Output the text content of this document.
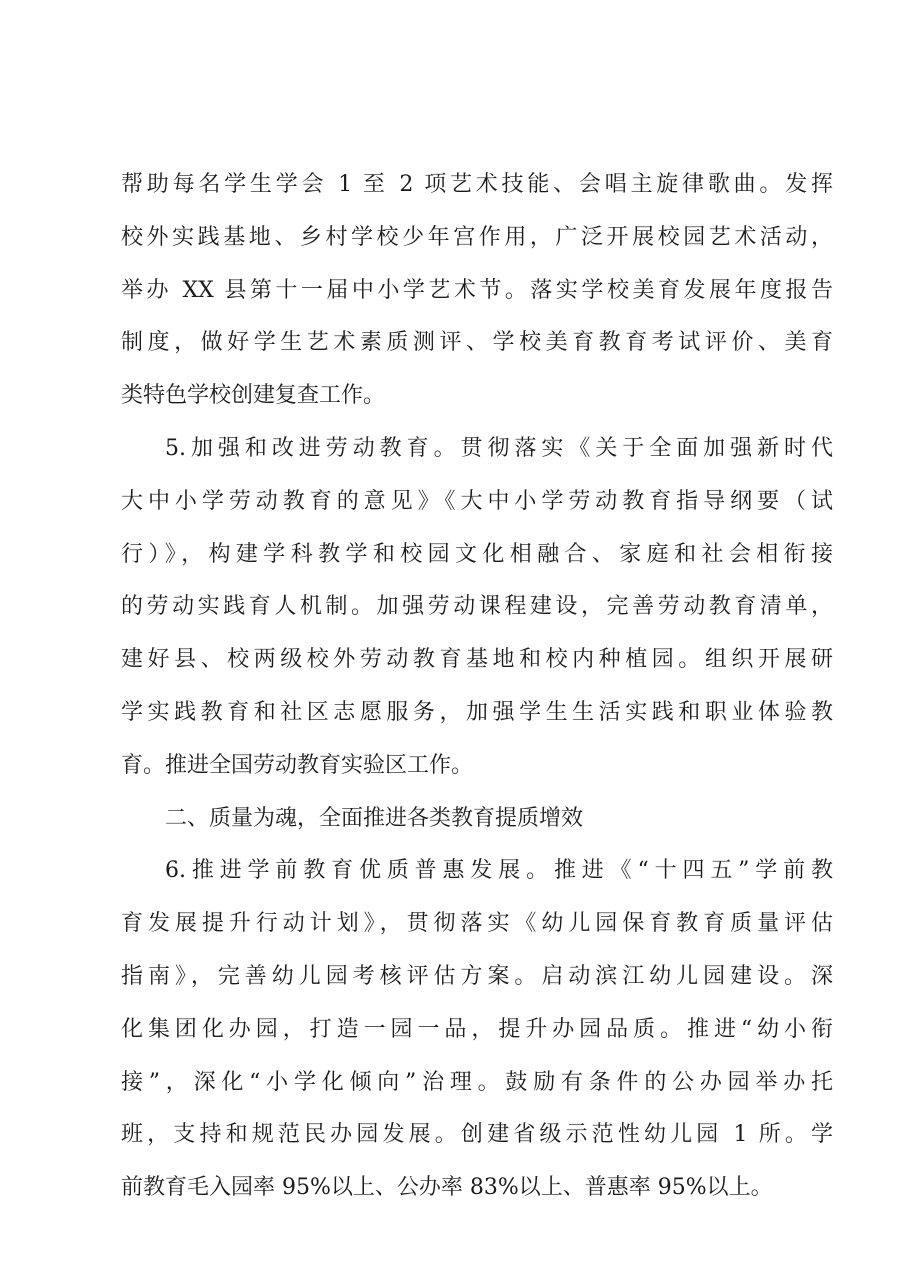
帮助每名学生学会 1 至 2 项艺术技能、会唱主旋律歌曲。发挥
校外实践基地、乡村学校少年宫作用，广泛开展校园艺术活动，
举办 XX 县第十一届中小学艺术节。落实学校美育发展年度报告
制度，做好学生艺术素质测评、学校美育教育考试评价、美育
类特色学校创建复查工作。
5.加强和改进劳动教育。贯彻落实《关于全面加强新时代
大中小学劳动教育的意见》《大中小学劳动教育指导纲要（试
行）》，构建学科教学和校园文化相融合、家庭和社会相衔接
的劳动实践育人机制。加强劳动课程建设，完善劳动教育清单，
建好县、校两级校外劳动教育基地和校内种植园。组织开展研
学实践教育和社区志愿服务，加强学生生活实践和职业体验教
育。推进全国劳动教育实验区工作。
二、质量为魂，全面推进各类教育提质增效
6.推进学前教育优质普惠发展。推进《“十四五”学前教
育发展提升行动计划》，贯彻落实《幼儿园保育教育质量评估
指南》，完善幼儿园考核评估方案。启动滨江幼儿园建设。深
化集团化办园，打造一园一品，提升办园品质。推进“幼小衔
接”，深化“小学化倾向”治理。鼓励有条件的公办园举办托
班，支持和规范民办园发展。创建省级示范性幼儿园 1 所。学
前教育毛入园率 95%以上、公办率 83%以上、普惠率 95%以上。
